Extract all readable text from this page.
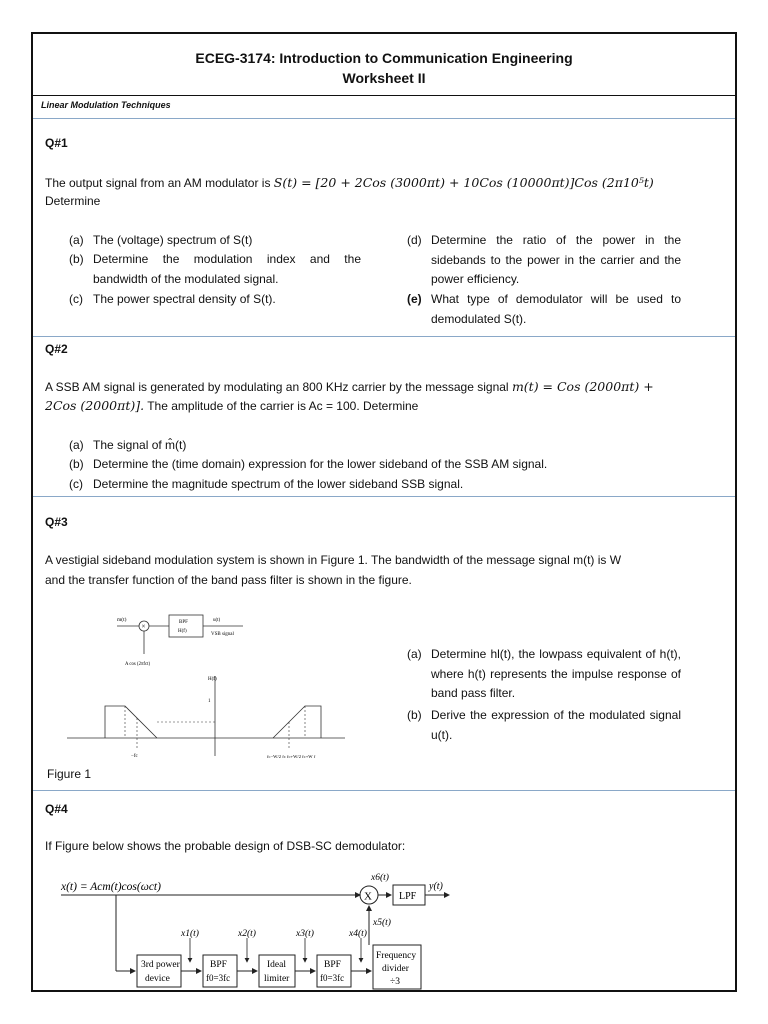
ECEG-3174: Introduction to Communication Engineering
Worksheet II
Linear Modulation Techniques
Q#1
The output signal from an AM modulator is S(t) = [20 + 2Cos (3000πt) + 10Cos (10000πt)]Cos (2π10⁵t)
Determine
(a) The (voltage) spectrum of S(t)
(b) Determine the modulation index and the bandwidth of the modulated signal.
(c) The power spectral density of S(t).
(d) Determine the ratio of the power in the sidebands to the power in the carrier and the power efficiency.
(e) What type of demodulator will be used to demodulated S(t).
Q#2
A SSB AM signal is generated by modulating an 800 KHz carrier by the message signal m(t) = Cos (2000πt) +
2Cos (2000πt)]. The amplitude of the carrier is Ac = 100. Determine
(a) The signal of m̂(t)
(b) Determine the (time domain) expression for the lower sideband of the SSB AM signal.
(c) Determine the magnitude spectrum of the lower sideband SSB signal.
Q#3
A vestigial sideband modulation system is shown in Figure 1. The bandwidth of the message signal m(t) is W
and the transfer function of the band pass filter is shown in the figure.
m(t)
×	BPF
H(f)
u(t)
VSB signal
A cos (2πfct)
H(f)
1
−fc	fc−W/2 fc fc+W/2 fc+W f
(a) Determine hl(t), the lowpass equivalent of h(t), where h(t) represents the impulse response of band pass filter.
(b) Derive the expression of the modulated signal u(t).
Figure 1
Q#4
If Figure below shows the probable design of DSB-SC demodulator:
x(t) = Acm(t)cos(ωct)
X
x6(t)
LPF
y(t)
3rd power
device
x1(t)
BPF
f0=3fc
x2(t)
Ideal
limiter
x3(t)
BPF
f0=3fc
x4(t)
Frequency
divider
÷3
x5(t)
